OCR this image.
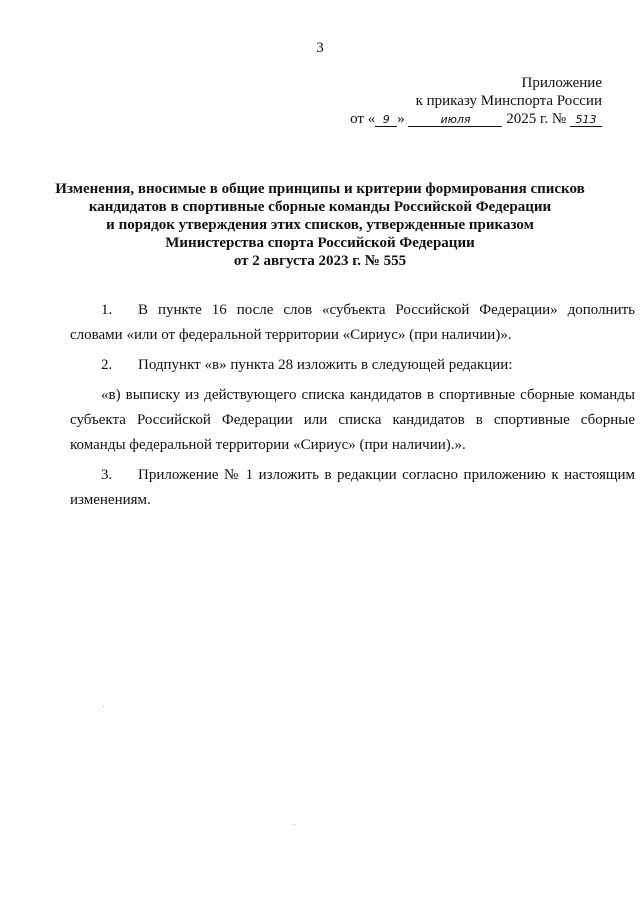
3
Приложение
к приказу Минспорта России
от « 9 »	июля 2025 г. № 513
Изменения, вносимые в общие принципы и критерии формирования списков
кандидатов в спортивные сборные команды Российской Федерации
и порядок утверждения этих списков, утвержденные приказом
Министерства спорта Российской Федерации
от 2 августа 2023 г. № 555

1. В пункте 16 после слов «субъекта Российской Федерации» дополнить словами «или от федеральной территории «Сириус» (при наличии)».

2. Подпункт «в» пункта 28 изложить в следующей редакции:

«в) выписку из действующего списка кандидатов в спортивные сборные команды субъекта Российской Федерации или списка кандидатов в спортивные сборные команды федеральной территории «Сириус» (при наличии).».

3. Приложение № 1 изложить в редакции согласно приложению к настоящим изменениям.
